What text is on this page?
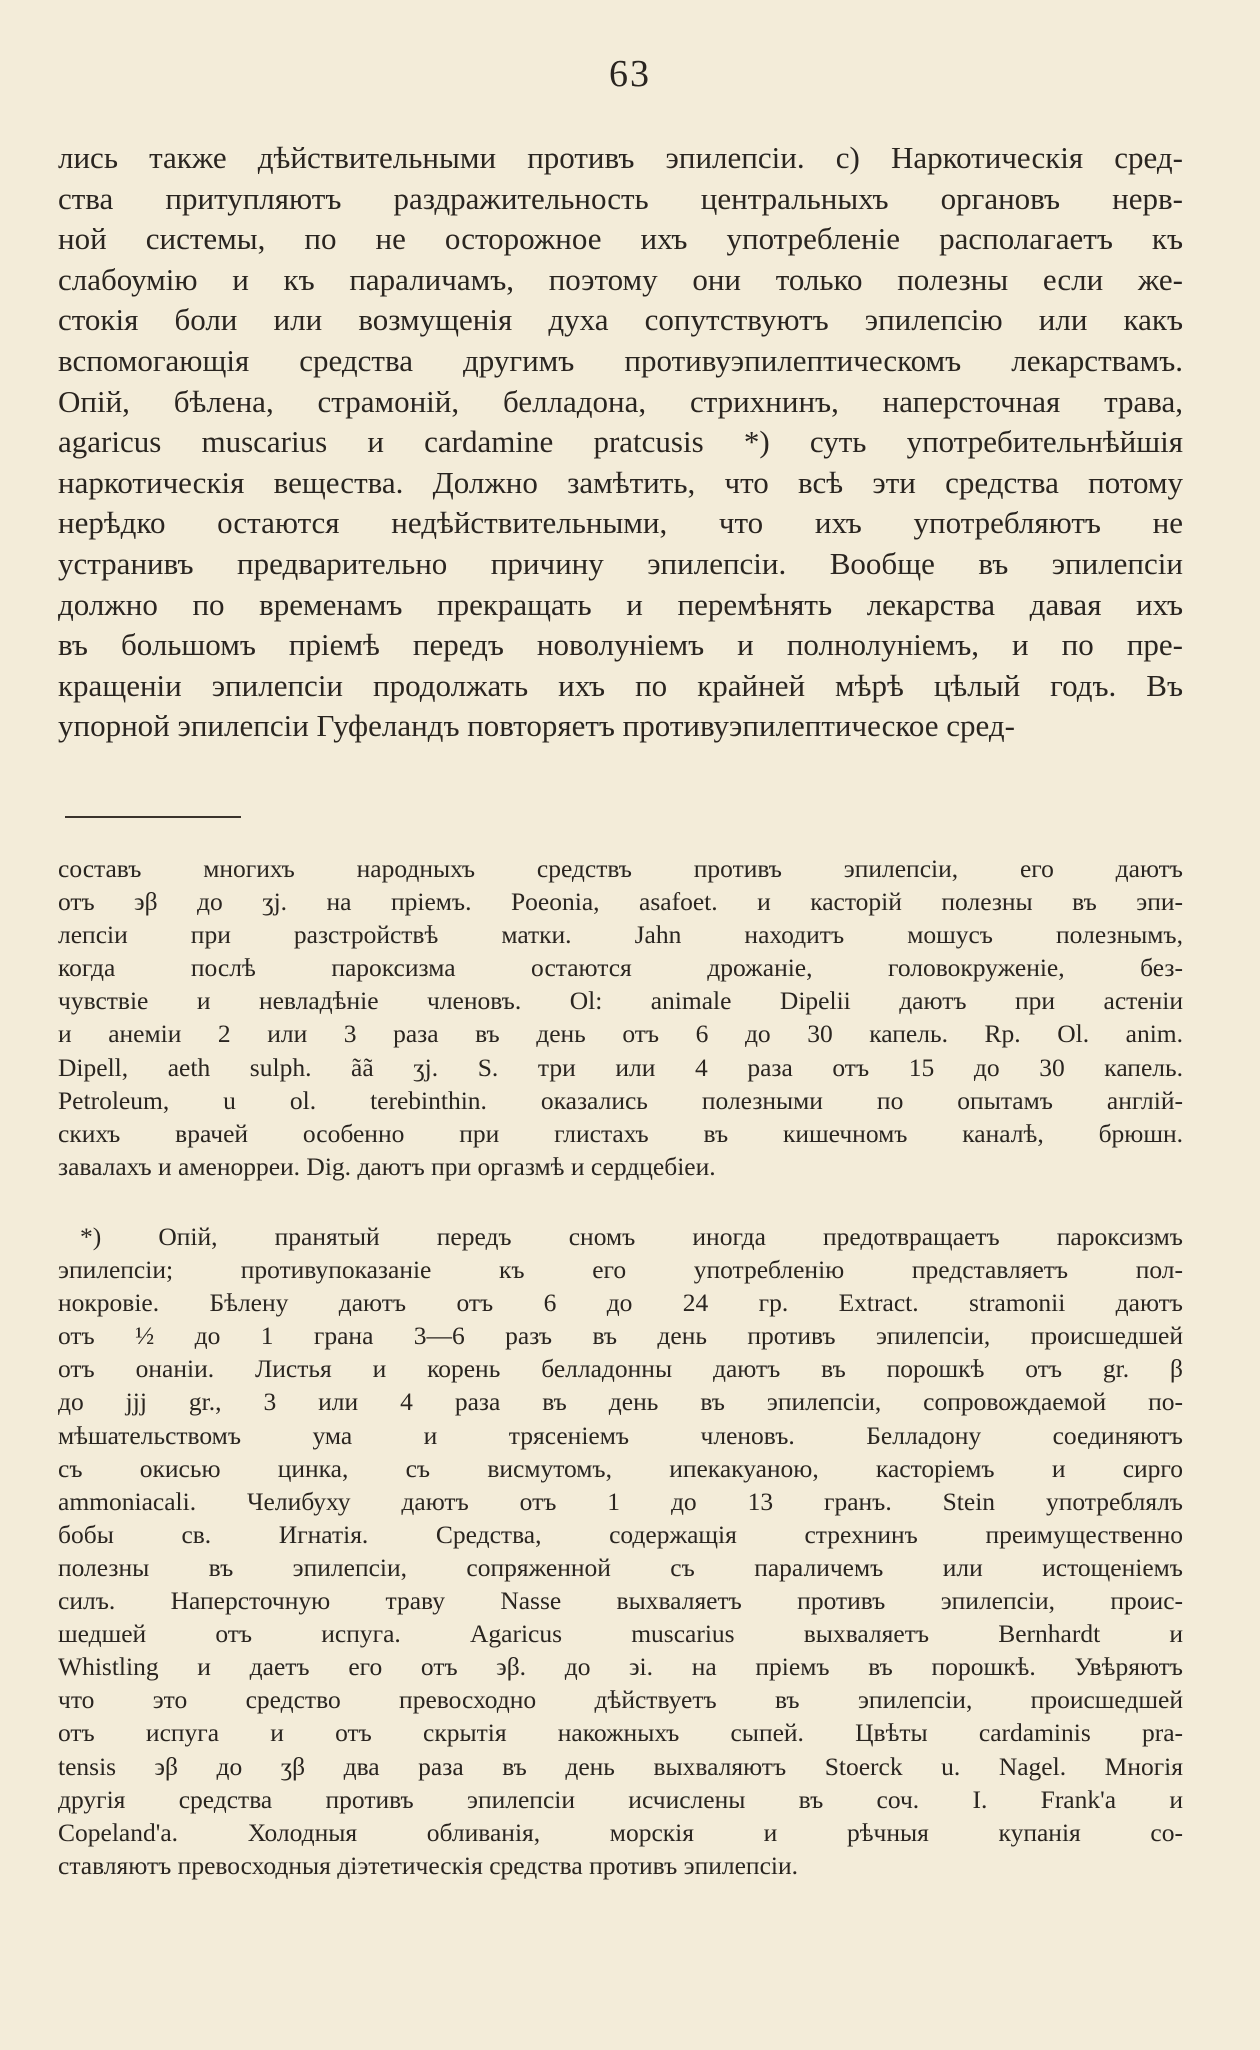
63
лись также дѣйствительными противъ эпилепсіи. c) Наркотическія сред-
ства притупляютъ раздражительность центральныхъ органовъ нерв-
ной системы, по не осторожное ихъ употребленіе располагаетъ къ
слабоумію и къ параличамъ, поэтому они только полезны если же-
стокія боли или возмущенія духа сопутствуютъ эпилепсію или какъ
вспомогающія средства другимъ противуэпилептическомъ лекарствамъ.
Опій, бѣлена, страмоній, белладона, стрихнинъ, наперсточная трава,
agaricus muscarius и cardamine pratcusis *) суть употребительнѣйшія
наркотическія вещества. Должно замѣтить, что всѣ эти средства потому
нерѣдко остаются недѣйствительными, что ихъ употребляютъ не
устранивъ предварительно причину эпилепсіи. Вообще въ эпилепсіи
должно по временамъ прекращать и перемѣнять лекарства давая ихъ
въ большомъ пріемѣ передъ новолуніемъ и полнолуніемъ, и по пре-
кращеніи эпилепсіи продолжать ихъ по крайней мѣрѣ цѣлый годъ. Въ
упорной эпилепсіи Гуфеландъ повторяетъ противуэпилептическое сред-
составъ многихъ народныхъ средствъ противъ эпилепсіи, его даютъ
отъ ϶β до ʒj. на пріемъ. Poeonia, asafoet. и касторій полезны въ эпи-
лепсіи при разстройствѣ матки. Jahn находитъ мошусъ полезнымъ,
когда послѣ пароксизма остаются дрожаніе, головокруженіе, без-
чувствіе и невладѣніе членовъ. Ol: animale Dipelii даютъ при астеніи
и анеміи 2 или 3 раза въ день отъ 6 до 30 капель. Rp. Ol. anim.
Dipell, aeth sulph. ãã ʒj. S. три или 4 раза отъ 15 до 30 капель.
Petroleum, u ol. terebinthin. оказались полезными по опытамъ англій-
скихъ врачей особенно при глистахъ въ кишечномъ каналѣ, брюшн.
завалахъ и аменорреи. Dig. даютъ при оргазмѣ и сердцебіеи.
*) Опій, пранятый передъ сномъ иногда предотвращаетъ пароксизмъ
эпилепсіи; противупоказаніе къ его употребленію представляетъ пол-
нокровіе. Бѣлену даютъ отъ 6 до 24 гр. Extract. stramonii даютъ
отъ ½ до 1 грана 3—6 разъ въ день противъ эпилепсіи, происшедшей
отъ онаніи. Листья и корень белладонны даютъ въ порошкѣ отъ gr. β
до jjj gr., 3 или 4 раза въ день въ эпилепсіи, сопровождаемой по-
мѣшательствомъ ума и трясеніемъ членовъ. Белладону соединяютъ
съ окисью цинка, съ висмутомъ, ипекакуаною, касторіемъ и сирго
ammoniacali. Челибуху даютъ отъ 1 до 13 гранъ. Stein употреблялъ
бобы св. Игнатія. Средства, содержащія стрехнинъ преимущественно
полезны въ эпилепсіи, сопряженной съ параличемъ или истощеніемъ
силъ. Наперсточную траву Nasse выхваляетъ противъ эпилепсіи, проис-
шедшей отъ испуга. Agaricus muscarius выхваляетъ Bernhardt и
Whistling и даетъ его отъ ϶β. до ϶i. на пріемъ въ порошкѣ. Увѣряютъ
что это средство превосходно дѣйствуетъ въ эпилепсіи, происшедшей
отъ испуга и отъ скрытія накожныхъ сыпей. Цвѣты cardaminis pra-
tensis ϶β до ʒβ два раза въ день выхваляютъ Stoerck u. Nagel. Многія
другія средства противъ эпилепсіи исчислены въ соч. I. Frank'a и
Copeland'a. Холодныя обливанія, морскія и рѣчныя купанія со-
ставляютъ превосходныя діэтетическія средства противъ эпилепсіи.
